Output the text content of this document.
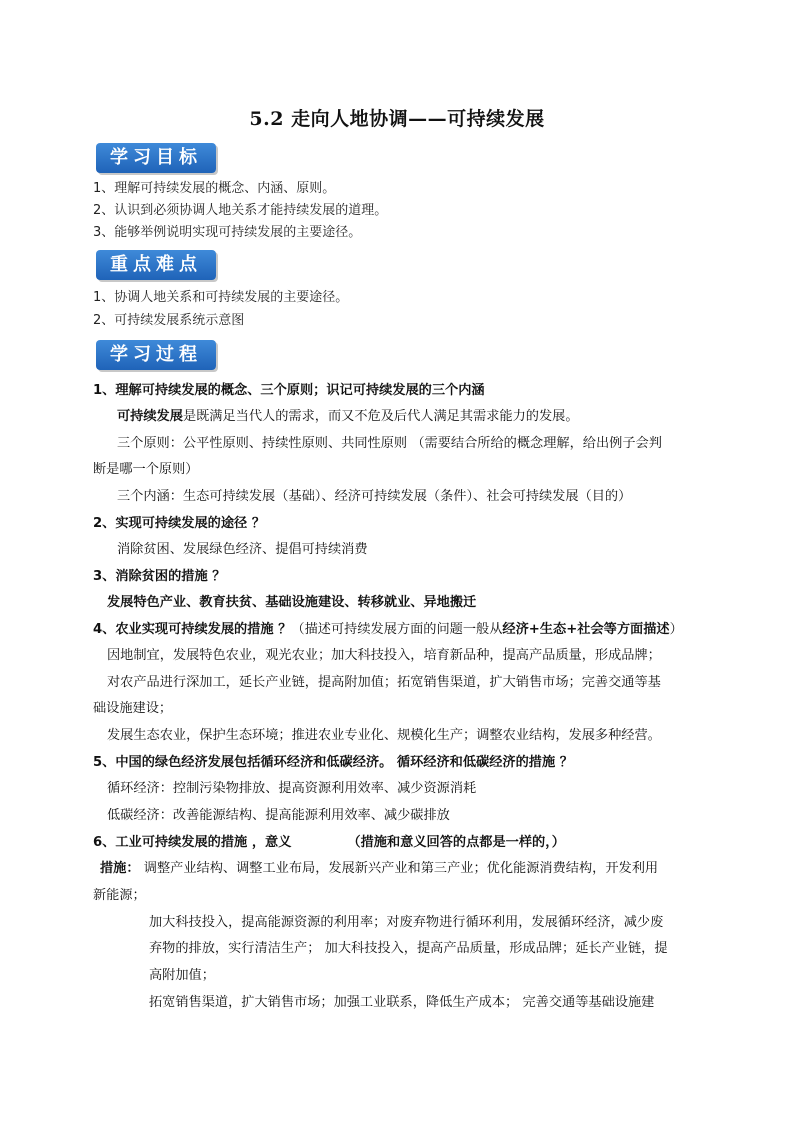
5.2 走向人地协调——可持续发展
学习目标
1、理解可持续发展的概念、内涵、原则。
2、认识到必须协调人地关系才能持续发展的道理。
3、能够举例说明实现可持续发展的主要途径。
重点难点
1、协调人地关系和可持续发展的主要途径。
2、可持续发展系统示意图
学习过程
1、理解可持续发展的概念、三个原则；识记可持续发展的三个内涵
可持续发展是既满足当代人的需求，而又不危及后代人满足其需求能力的发展。
三个原则：公平性原则、持续性原则、共同性原则 （需要结合所给的概念理解，给出例子会判
断是哪一个原则）
三个内涵：生态可持续发展（基础）、经济可持续发展（条件）、社会可持续发展（目的）
2、实现可持续发展的途径 ？
消除贫困、发展绿色经济、提倡可持续消费
3、消除贫困的措施 ？
发展特色产业、教育扶贫、基础设施建设、转移就业、异地搬迁
4、农业实现可持续发展的措施 ？（描述可持续发展方面的问题一般从经济+生态+社会等方面描述）
因地制宜，发展特色农业，观光农业；加大科技投入，培育新品种，提高产品质量，形成品牌；
对农产品进行深加工，延长产业链，提高附加值；拓宽销售渠道，扩大销售市场；完善交通等基
础设施建设；
发展生态农业，保护生态环境；推进农业专业化、规模化生产；调整农业结构，发展多种经营。
5、中国的绿色经济发展包括循环经济和低碳经济。 循环经济和低碳经济的措施 ？
循环经济：控制污染物排放、提高资源利用效率、减少资源消耗
低碳经济：改善能源结构、提高能源利用效率、减少碳排放
6、工业可持续发展的措施 ，意义	（措施和意义回答的点都是一样的，）
措施： 调整产业结构、调整工业布局，发展新兴产业和第三产业；优化能源消费结构，开发利用
新能源；
加大科技投入，提高能源资源的利用率；对废弃物进行循环利用，发展循环经济，减少废
弃物的排放，实行清洁生产； 加大科技投入，提高产品质量，形成品牌；延长产业链，提
高附加值；
拓宽销售渠道，扩大销售市场；加强工业联系，降低生产成本； 完善交通等基础设施建
